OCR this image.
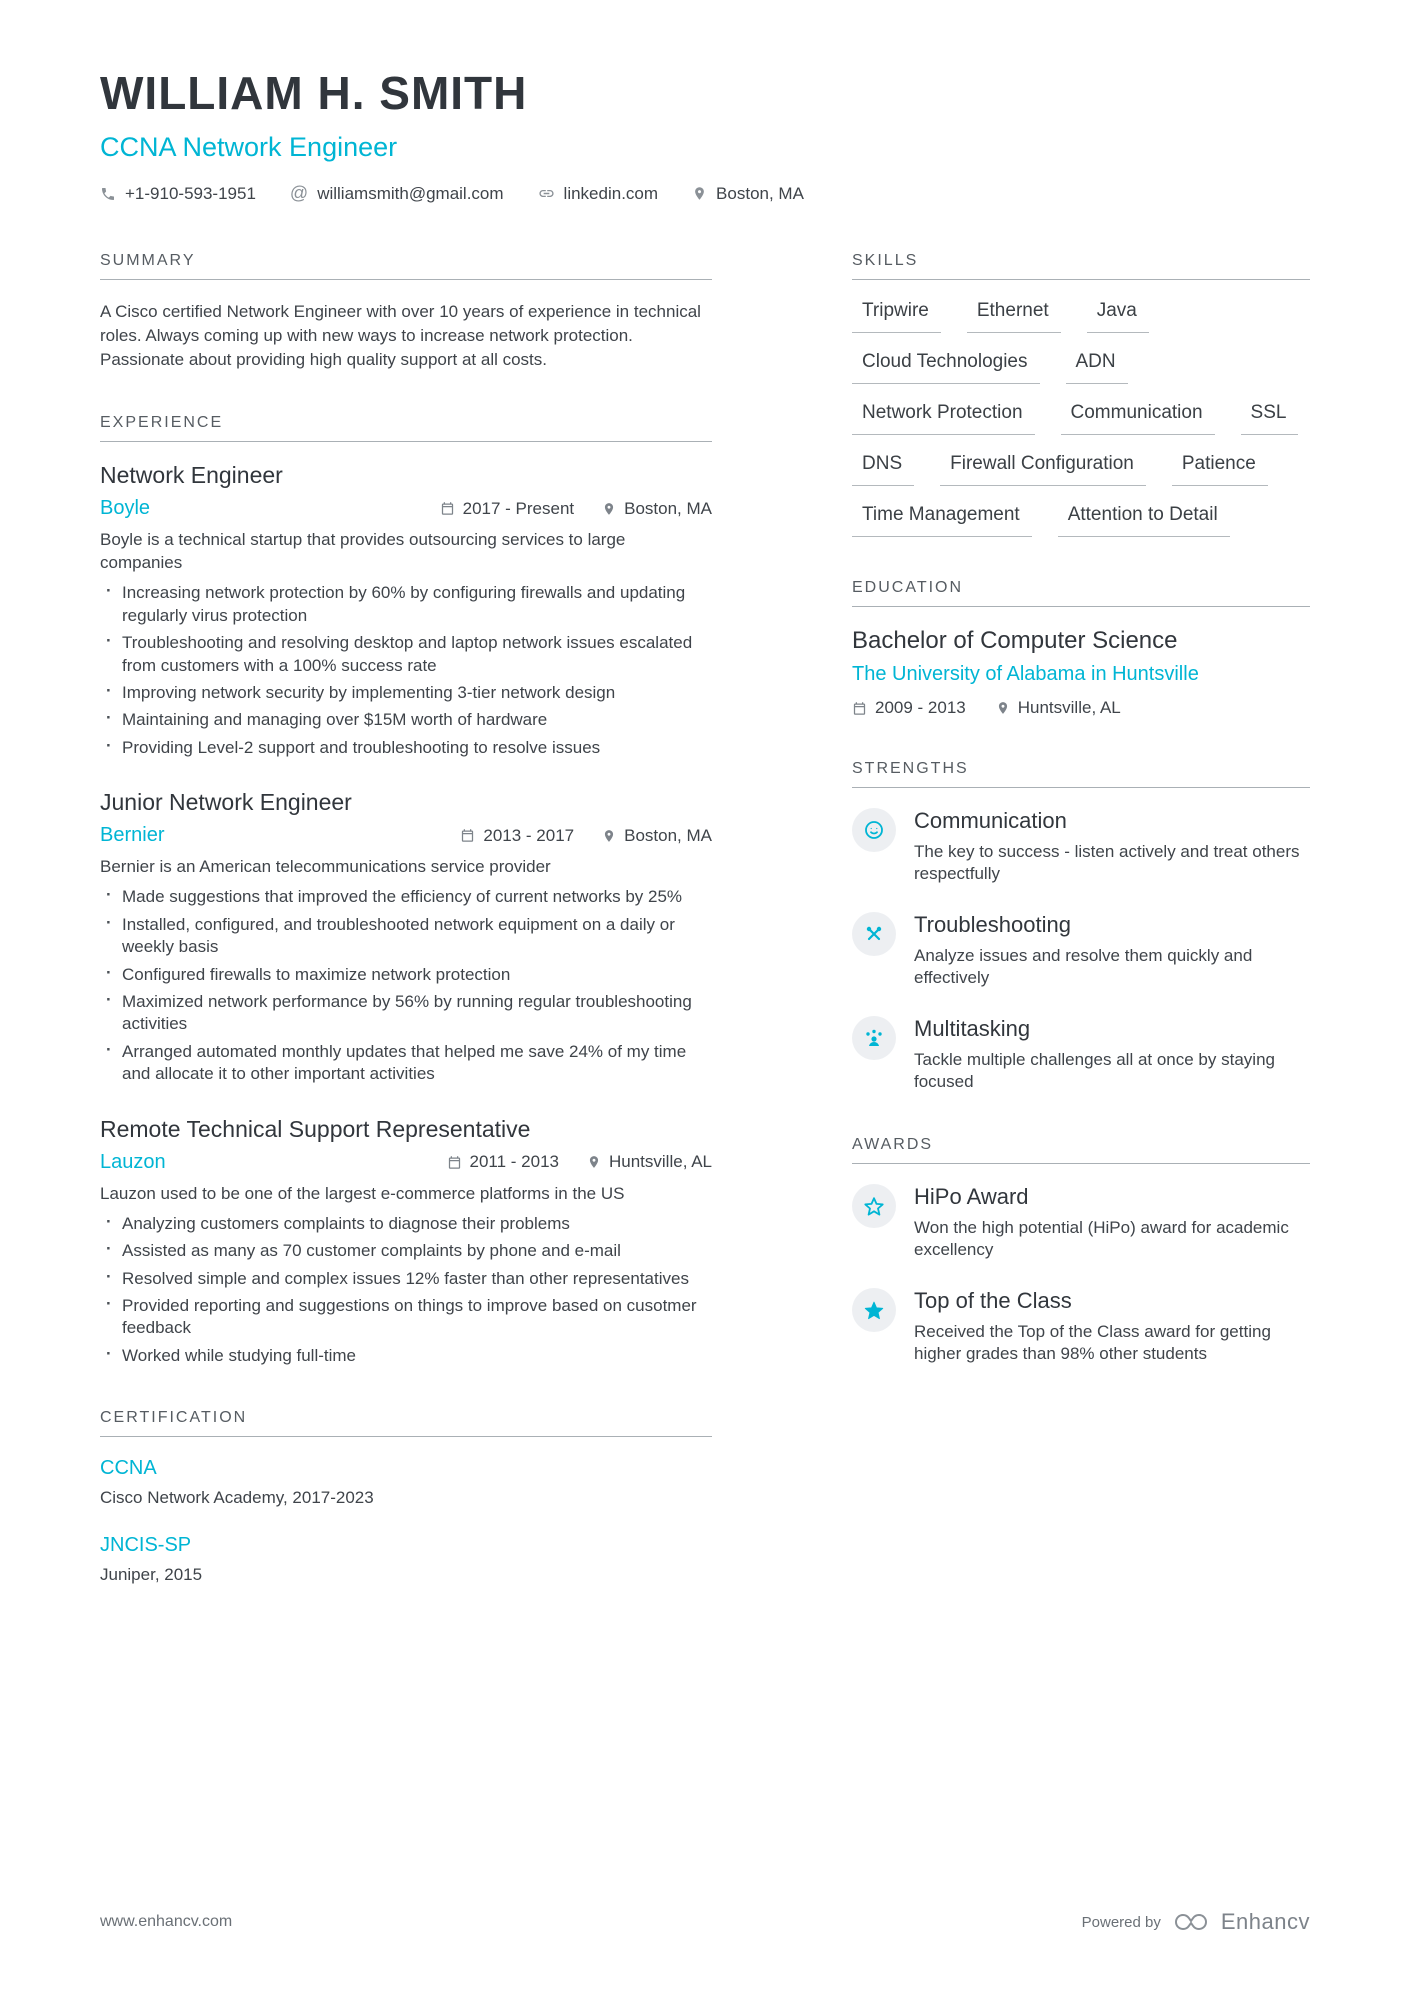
WILLIAM H. SMITH
CCNA Network Engineer
+1-910-593-1951 @ williamsmith@gmail.com	linkedin.com	Boston, MA
SUMMARY

A Cisco certified Network Engineer with over 10 years of experience in technical roles. Always coming up with new ways to increase network protection. Passionate about providing high quality support at all costs.

EXPERIENCE
Network Engineer
Boyle	2017 - Present	Boston, MA

Boyle is a technical startup that provides outsourcing services to large companies

· Increasing network protection by 60% by configuring firewalls and updating regularly virus protection
· Troubleshooting and resolving desktop and laptop network issues escalated from customers with a 100% success rate
· Improving network security by implementing 3-tier network design
· Maintaining and managing over $15M worth of hardware
· Providing Level-2 support and troubleshooting to resolve issues
Junior Network Engineer
Bernier	2013 - 2017	Boston, MA

Bernier is an American telecommunications service provider

· Made suggestions that improved the efficiency of current networks by 25%
· Installed, configured, and troubleshooted network equipment on a daily or weekly basis
· Configured firewalls to maximize network protection
· Maximized network performance by 56% by running regular troubleshooting activities
· Arranged automated monthly updates that helped me save 24% of my time and allocate it to other important activities
Remote Technical Support Representative
Lauzon	2011 - 2013	Huntsville, AL

Lauzon used to be one of the largest e-commerce platforms in the US

· Analyzing customers complaints to diagnose their problems
· Assisted as many as 70 customer complaints by phone and e-mail
· Resolved simple and complex issues 12% faster than other representatives
· Provided reporting and suggestions on things to improve based on cusotmer feedback
· Worked while studying full-time
CERTIFICATION
CCNA
Cisco Network Academy, 2017-2023
JNCIS-SP
Juniper, 2015
SKILLS
Tripwire	Ethernet	Java
Cloud Technologies	ADN
Network Protection	Communication	SSL
DNS	Firewall Configuration	Patience
Time Management	Attention to Detail
EDUCATION
Bachelor of Computer Science
The University of Alabama in Huntsville
2009 - 2013	Huntsville, AL
STRENGTHS
Communication
The key to success - listen actively and treat others respectfully
Troubleshooting
Analyze issues and resolve them quickly and effectively
Multitasking
Tackle multiple challenges all at once by staying focused
AWARDS
HiPo Award
Won the high potential (HiPo) award for academic excellency
Top of the Class
Received the Top of the Class award for getting higher grades than 98% other students
www.enhancv.com	Powered by	Enhancv
